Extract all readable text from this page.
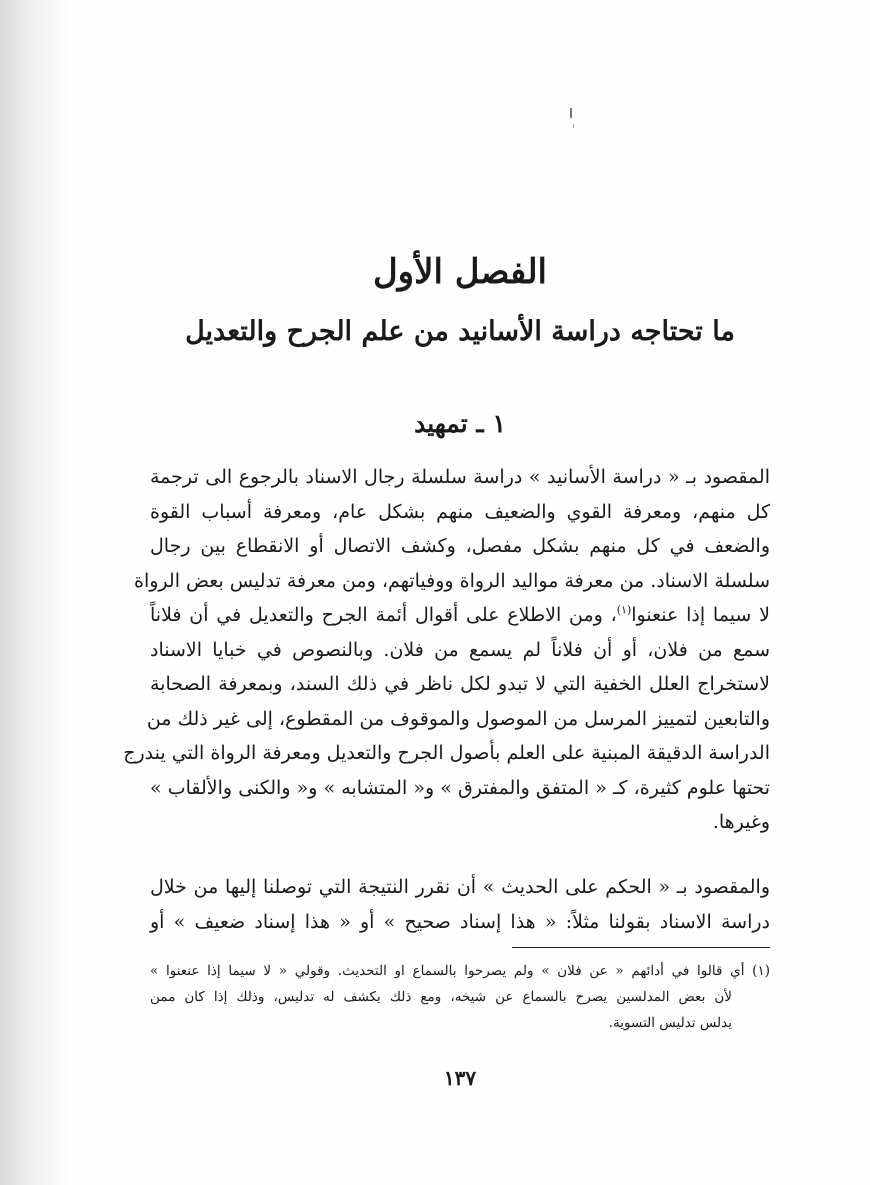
الفصل الأول
ما تحتاجه دراسة الأسانيد من علم الجرح والتعديل
١ ـ تمهيد
المقصود بـ « دراسة الأسانيد » دراسة سلسلة رجال الاسناد بالرجوع الى ترجمة
كل منهم، ومعرفة القوي والضعيف منهم بشكل عام، ومعرفة أسباب القوة
والضعف في كل منهم بشكل مفصل، وكشف الاتصال أو الانقطاع بين رجال
سلسلة الاسناد. من معرفة مواليد الرواة ووفياتهم، ومن معرفة تدليس بعض الرواة
لا سيما إذا عنعنوا$^{(١)}$، ومن الاطلاع على أقوال أئمة الجرح والتعديل في أن فلاناً
سمع من فلان، أو أن فلاناً لم يسمع من فلان. وبالنصوص في خبايا الاسناد
لاستخراج العلل الخفية التي لا تبدو لكل ناظر في ذلك السند، وبمعرفة الصحابة
والتابعين لتمييز المرسل من الموصول والموقوف من المقطوع، إلى غير ذلك من
الدراسة الدقيقة المبنية على العلم بأصول الجرح والتعديل ومعرفة الرواة التي يندرج
تحتها علوم كثيرة، كـ « المتفق والمفترق » و« المتشابه » و« والكنى والألقاب »
وغيرها.
والمقصود بـ « الحكم على الحديث » أن نقرر النتيجة التي توصلنا إليها من خلال
دراسة الاسناد بقولنا مثلاً: « هذا إسناد صحيح » أو « هذا إسناد ضعيف » أو
(١) أي قالوا في أدائهم « عن فلان » ولم يصرحوا بالسماع او التحديث. وقولي « لا سيما إذا عنعنوا »
لأن بعض المدلسين يصرح بالسماع عن شيخه، ومع ذلك يكشف له تدليس، وذلك إذا كان ممن
يدلس تدليس التسوية.
١٣٧
